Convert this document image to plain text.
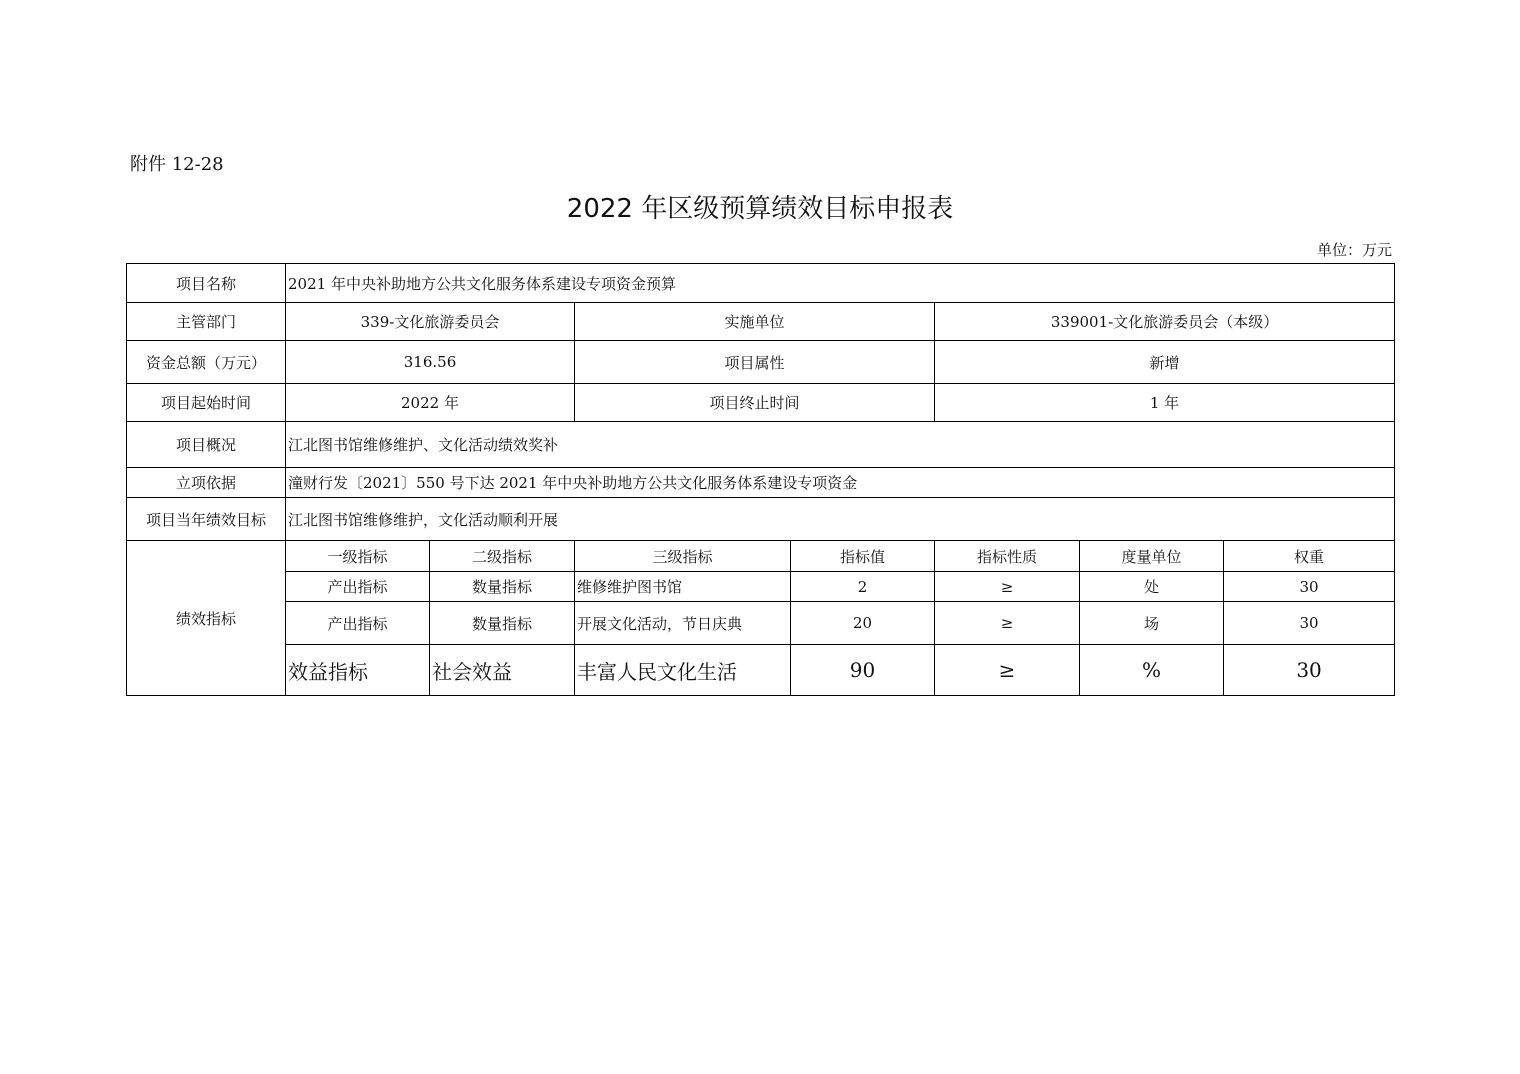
附件 12-28
2022 年区级预算绩效目标申报表
单位：万元
项目名称	2021 年中央补助地方公共文化服务体系建设专项资金预算						
主管部门	339-文化旅游委员会		实施单位		339001-文化旅游委员会（本级）		
资金总额（万元）	316.56		项目属性		新增		
项目起始时间	2022 年		项目终止时间		1 年		
项目概况	江北图书馆维修维护、文化活动绩效奖补						
立项依据	潼财行发〔2021〕550 号下达 2021 年中央补助地方公共文化服务体系建设专项资金						
项目当年绩效目标	江北图书馆维修维护，文化活动顺利开展						
绩效指标	一级指标	二级指标	三级指标	指标值	指标性质	度量单位	权重
	产出指标	数量指标	维修维护图书馆	2	≥	处	30
	产出指标	数量指标	开展文化活动，节日庆典	20	≥	场	30
	效益指标	社会效益	丰富人民文化生活	90	≥	%	30
